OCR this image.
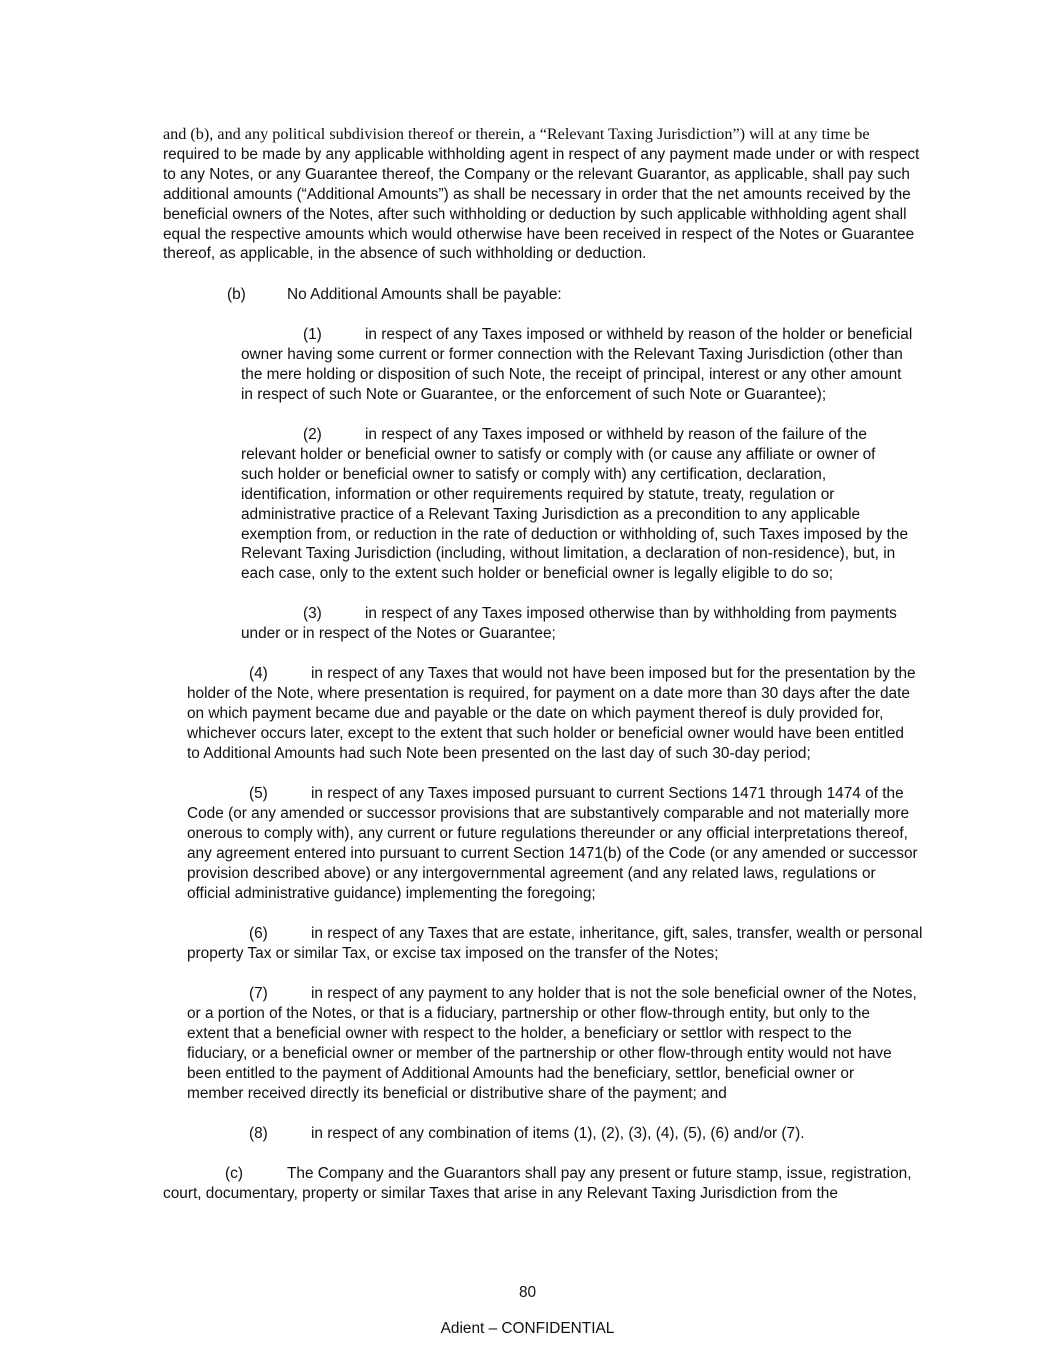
and (b), and any political subdivision thereof or therein, a “Relevant Taxing Jurisdiction”) will at any time be
required to be made by any applicable withholding agent in respect of any payment made under or with respect
to any Notes, or any Guarantee thereof, the Company or the relevant Guarantor, as applicable, shall pay such
additional amounts (“Additional Amounts”) as shall be necessary in order that the net amounts received by the
beneficial owners of the Notes, after such withholding or deduction by such applicable withholding agent shall
equal the respective amounts which would otherwise have been received in respect of the Notes or Guarantee
thereof, as applicable, in the absence of such withholding or deduction.
(b)	No Additional Amounts shall be payable:
(1)	in respect of any Taxes imposed or withheld by reason of the holder or beneficial
owner having some current or former connection with the Relevant Taxing Jurisdiction (other than
the mere holding or disposition of such Note, the receipt of principal, interest or any other amount
in respect of such Note or Guarantee, or the enforcement of such Note or Guarantee);
(2)	in respect of any Taxes imposed or withheld by reason of the failure of the
relevant holder or beneficial owner to satisfy or comply with (or cause any affiliate or owner of
such holder or beneficial owner to satisfy or comply with) any certification, declaration,
identification, information or other requirements required by statute, treaty, regulation or
administrative practice of a Relevant Taxing Jurisdiction as a precondition to any applicable
exemption from, or reduction in the rate of deduction or withholding of, such Taxes imposed by the
Relevant Taxing Jurisdiction (including, without limitation, a declaration of non-residence), but, in
each case, only to the extent such holder or beneficial owner is legally eligible to do so;
(3)	in respect of any Taxes imposed otherwise than by withholding from payments
under or in respect of the Notes or Guarantee;
(4)	in respect of any Taxes that would not have been imposed but for the presentation by the
holder of the Note, where presentation is required, for payment on a date more than 30 days after the date
on which payment became due and payable or the date on which payment thereof is duly provided for,
whichever occurs later, except to the extent that such holder or beneficial owner would have been entitled
to Additional Amounts had such Note been presented on the last day of such 30-day period;
(5)	in respect of any Taxes imposed pursuant to current Sections 1471 through 1474 of the
Code (or any amended or successor provisions that are substantively comparable and not materially more
onerous to comply with), any current or future regulations thereunder or any official interpretations thereof,
any agreement entered into pursuant to current Section 1471(b) of the Code (or any amended or successor
provision described above) or any intergovernmental agreement (and any related laws, regulations or
official administrative guidance) implementing the foregoing;
(6)	in respect of any Taxes that are estate, inheritance, gift, sales, transfer, wealth or personal
property Tax or similar Tax, or excise tax imposed on the transfer of the Notes;
(7)	in respect of any payment to any holder that is not the sole beneficial owner of the Notes,
or a portion of the Notes, or that is a fiduciary, partnership or other flow-through entity, but only to the
extent that a beneficial owner with respect to the holder, a beneficiary or settlor with respect to the
fiduciary, or a beneficial owner or member of the partnership or other flow-through entity would not have
been entitled to the payment of Additional Amounts had the beneficiary, settlor, beneficial owner or
member received directly its beneficial or distributive share of the payment; and
(8)	in respect of any combination of items (1), (2), (3), (4), (5), (6) and/or (7).
(c)	The Company and the Guarantors shall pay any present or future stamp, issue, registration,
court, documentary, property or similar Taxes that arise in any Relevant Taxing Jurisdiction from the
80
Adient – CONFIDENTIAL
